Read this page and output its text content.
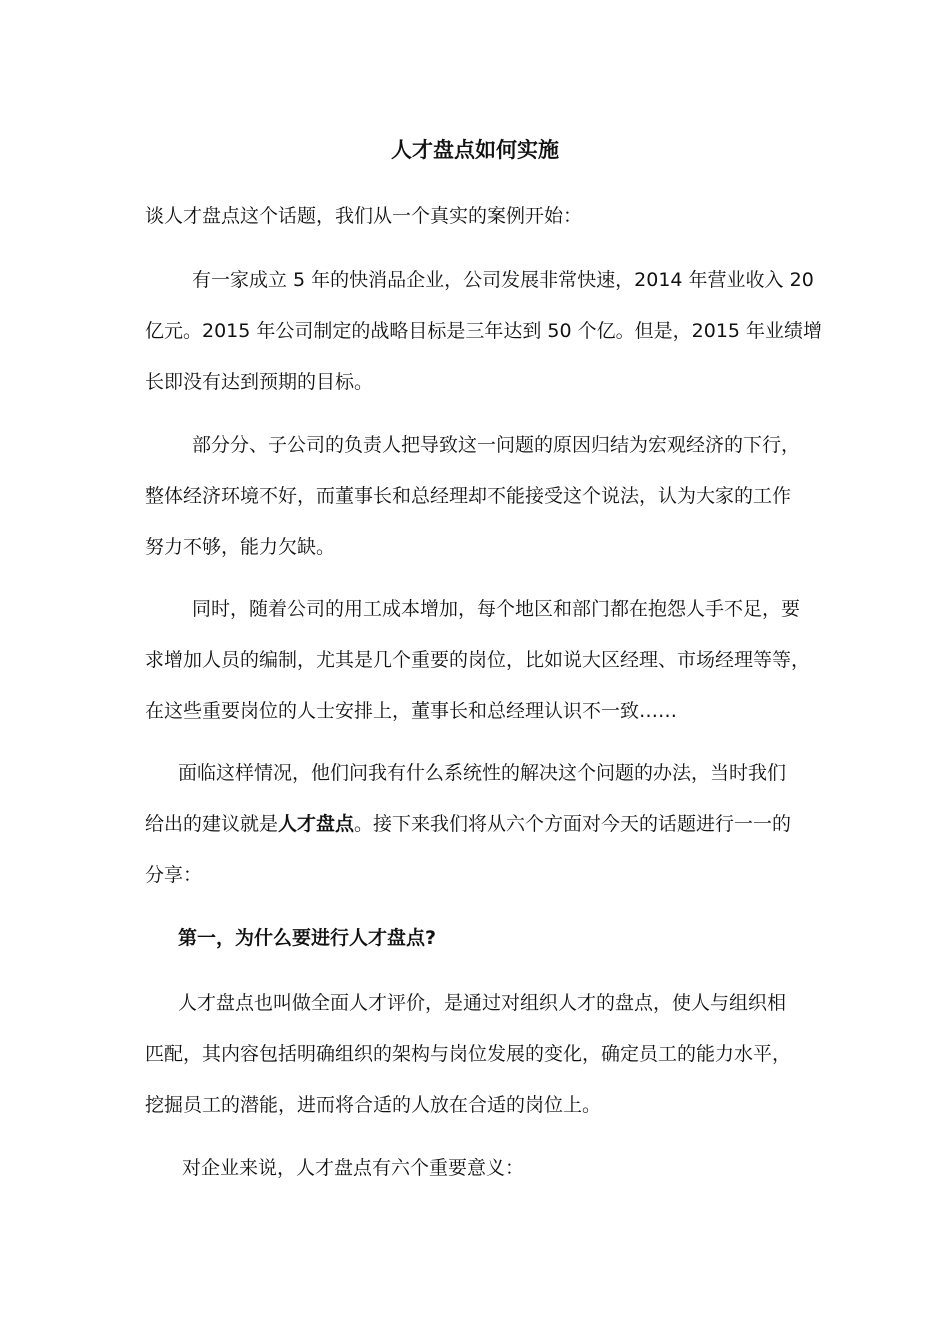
人才盘点如何实施

谈人才盘点这个话题，我们从一个真实的案例开始：

有一家成立 5 年的快消品企业，公司发展非常快速，2014 年营业收入 20
亿元。2015 年公司制定的战略目标是三年达到 50 个亿。但是，2015 年业绩增
长即没有达到预期的目标。

部分分、子公司的负责人把导致这一问题的原因归结为宏观经济的下行，
整体经济环境不好，而董事长和总经理却不能接受这个说法，认为大家的工作
努力不够，能力欠缺。

同时，随着公司的用工成本增加，每个地区和部门都在抱怨人手不足，要
求增加人员的编制，尤其是几个重要的岗位，比如说大区经理、市场经理等等，
在这些重要岗位的人士安排上，董事长和总经理认识不一致……

面临这样情况，他们问我有什么系统性的解决这个问题的办法，当时我们
给出的建议就是人才盘点。接下来我们将从六个方面对今天的话题进行一一的
分享：

第一，为什么要进行人才盘点?

人才盘点也叫做全面人才评价，是通过对组织人才的盘点，使人与组织相
匹配，其内容包括明确组织的架构与岗位发展的变化，确定员工的能力水平，
挖掘员工的潜能，进而将合适的人放在合适的岗位上。

对企业来说，人才盘点有六个重要意义：
